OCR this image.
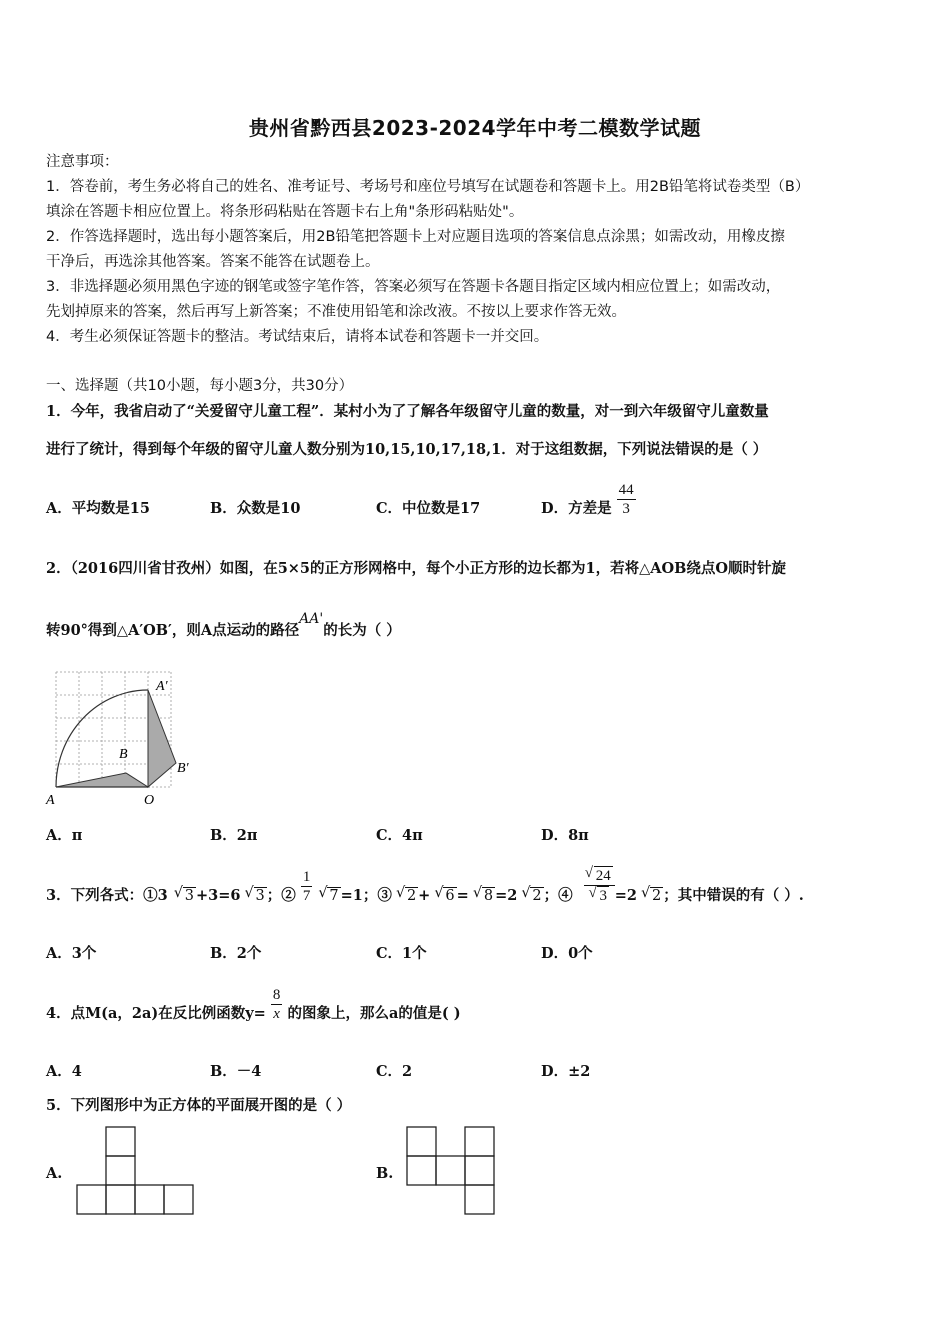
贵州省黔西县2023-2024学年中考二模数学试题
注意事项：
1．答卷前，考生务必将自己的姓名、准考证号、考场号和座位号填写在试题卷和答题卡上。用2B铅笔将试卷类型（B）
填涂在答题卡相应位置上。将条形码粘贴在答题卡右上角"条形码粘贴处"。
2．作答选择题时，选出每小题答案后，用2B铅笔把答题卡上对应题目选项的答案信息点涂黑；如需改动，用橡皮擦
干净后，再选涂其他答案。答案不能答在试题卷上。
3．非选择题必须用黑色字迹的钢笔或签字笔作答，答案必须写在答题卡各题目指定区域内相应位置上；如需改动，
先划掉原来的答案，然后再写上新答案；不准使用铅笔和涂改液。不按以上要求作答无效。
4．考生必须保证答题卡的整洁。考试结束后，请将本试卷和答题卡一并交回。
一、选择题（共10小题，每小题3分，共30分）
1．今年，我省启动了“关爱留守儿童工程”．某村小为了了解各年级留守儿童的数量，对一到六年级留守儿童数量
进行了统计，得到每个年级的留守儿童人数分别为10,15,10,17,18,1．对于这组数据，下列说法错误的是（ ）
A．平均数是15	B．众数是10	C．中位数是17	D．方差是 $\frac{44}{3}$
2．（2016四川省甘孜州）如图，在5×5的正方形网格中，每个小正方形的边长都为1，若将△AOB绕点O顺时针旋
转90°得到△A′OB′，则A点运动的路径AA'的长为（ ）
A	O
B
A′
B′
A．π	B．2π	C．4π	D．8π
3．下列各式：①3 √ 3 +3=6 √ 3 ；② $\frac{1}{7}$ √ 7 =1；③ √ 2 + √ 6 = √ 8 =2 √ 2 ；④ √ 24
√ 3 =2 √ 2 ；其中错误的有（ ）.
A．3个	B．2个	C．1个	D．0个
4．点M(a，2a)在反比例函数$y= \frac{8}{x}$ 的图象上，那么a的值是( )
A．4	B．－4	C．2	D．±2
5．下列图形中为正方体的平面展开图的是（ ）
A.	B.
